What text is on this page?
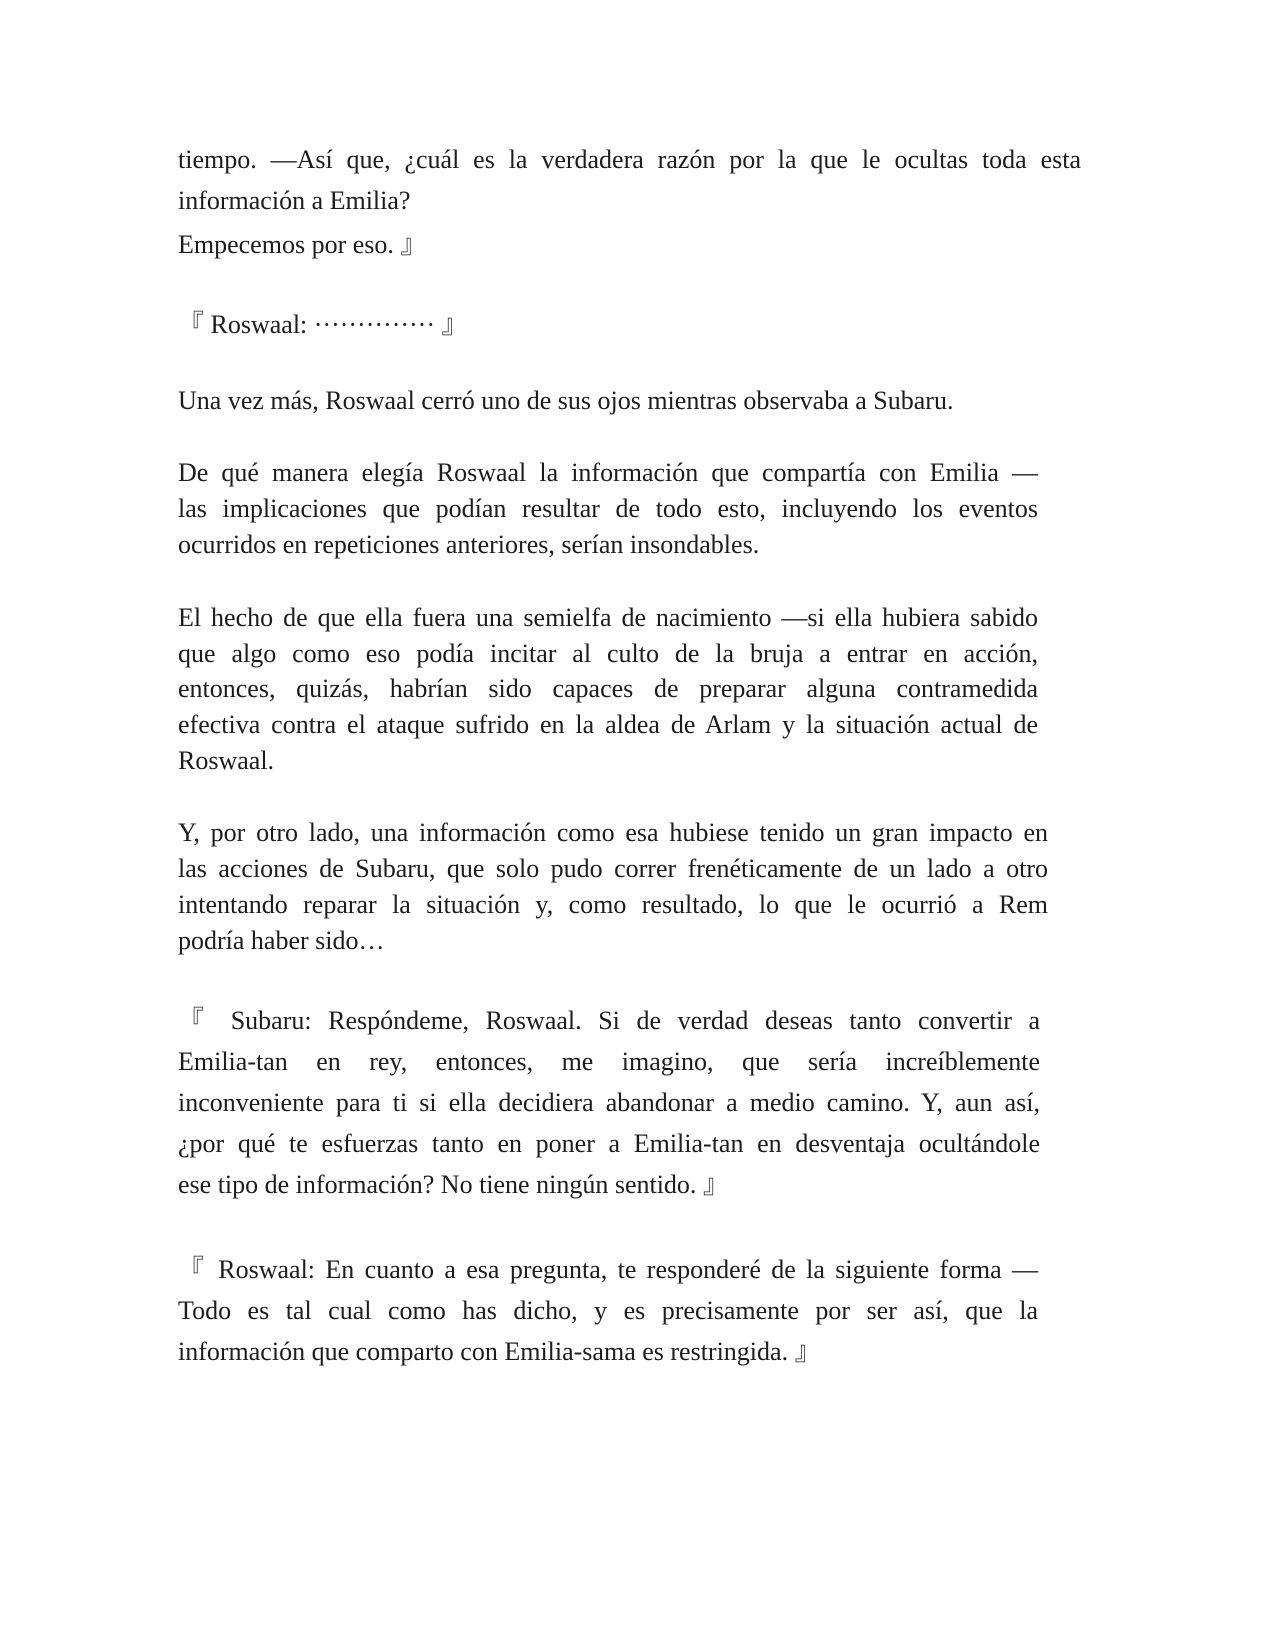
tiempo. —Así que, ¿cuál es la verdadera razón por la que le ocultas toda esta
información a Emilia?
Empecemos por eso. 』
『 Roswaal: ·············· 』
Una vez más, Roswaal cerró uno de sus ojos mientras observaba a Subaru.
De qué manera elegía Roswaal la información que compartía con Emilia —
las implicaciones que podían resultar de todo esto, incluyendo los eventos
ocurridos en repeticiones anteriores, serían insondables.
El hecho de que ella fuera una semielfa de nacimiento —si ella hubiera sabido
que algo como eso podía incitar al culto de la bruja a entrar en acción,
entonces, quizás, habrían sido capaces de preparar alguna contramedida
efectiva contra el ataque sufrido en la aldea de Arlam y la situación actual de
Roswaal.
Y, por otro lado, una información como esa hubiese tenido un gran impacto en
las acciones de Subaru, que solo pudo correr frenéticamente de un lado a otro
intentando reparar la situación y, como resultado, lo que le ocurrió a Rem
podría haber sido…
『 Subaru: Respóndeme, Roswaal. Si de verdad deseas tanto convertir a
Emilia-tan en rey, entonces, me imagino, que sería increíblemente
inconveniente para ti si ella decidiera abandonar a medio camino. Y, aun así,
¿por qué te esfuerzas tanto en poner a Emilia-tan en desventaja ocultándole
ese tipo de información? No tiene ningún sentido. 』
『 Roswaal: En cuanto a esa pregunta, te responderé de la siguiente forma —
Todo es tal cual como has dicho, y es precisamente por ser así, que la
información que comparto con Emilia-sama es restringida. 』
